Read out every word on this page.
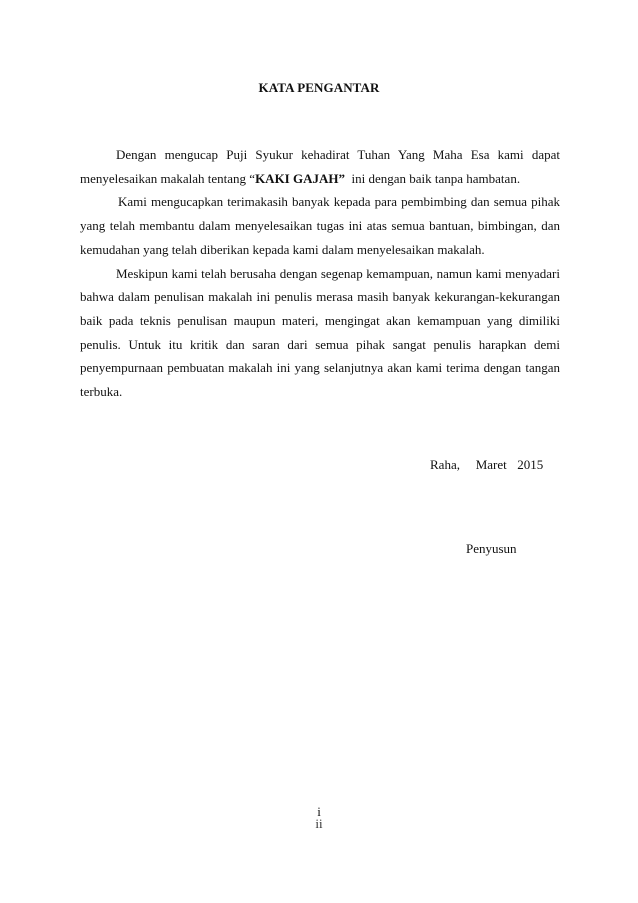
KATA PENGANTAR

Dengan mengucap Puji Syukur kehadirat Tuhan Yang Maha Esa kami dapat
menyelesaikan makalah tentang “KAKI GAJAH”  ini dengan baik tanpa hambatan.

Kami mengucapkan terimakasih banyak kepada para pembimbing dan semua pihak yang telah membantu dalam menyelesaikan tugas ini atas semua bantuan, bimbingan, dan kemudahan yang telah diberikan kepada kami dalam menyelesaikan makalah.

Meskipun kami telah berusaha dengan segenap kemampuan, namun kami menyadari bahwa dalam penulisan makalah ini penulis merasa masih banyak kekurangan-kekurangan baik pada teknis penulisan maupun materi, mengingat akan kemampuan yang dimiliki penulis. Untuk itu kritik dan saran dari semua pihak sangat penulis harapkan demi penyempurnaan pembuatan makalah ini yang selanjutnya akan kami terima dengan tangan terbuka.

Raha,   Maret  2015
Penyusun
i
ii
